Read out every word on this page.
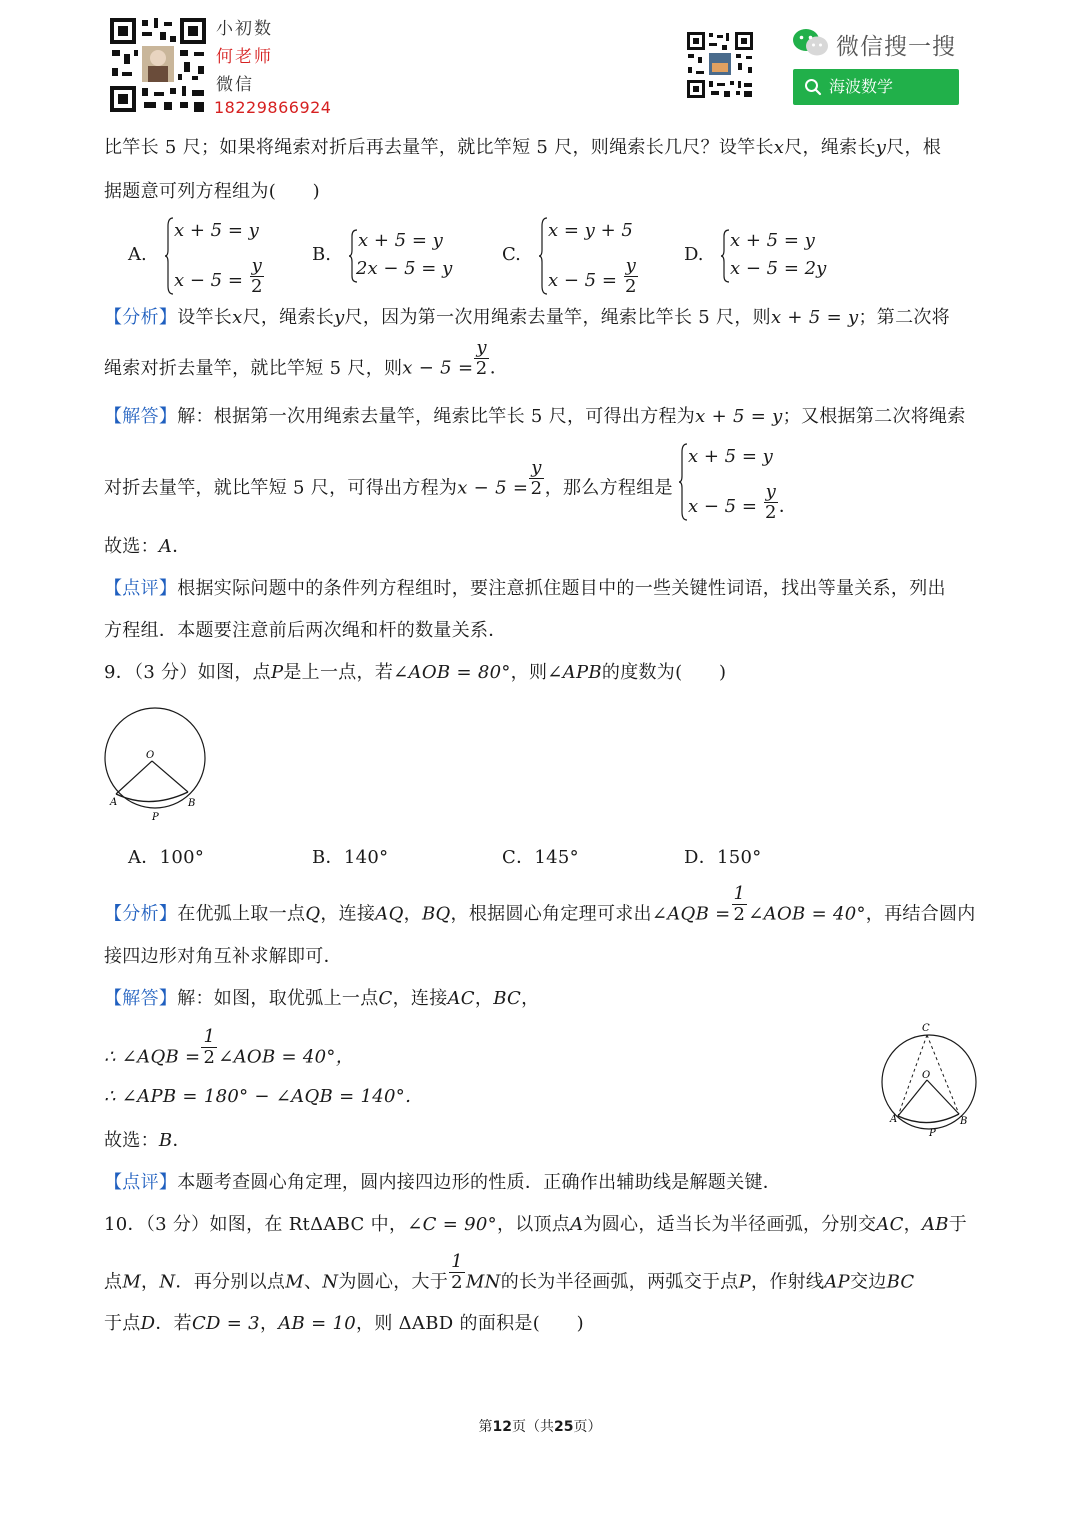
小初数
何老师
微信
18229866924
微信搜一搜
海波数学
比竿长 5 尺；如果将绳索对折后再去量竿，就比竿短 5 尺，则绳索长几尺？设竿长x尺，绳索长y尺，根
据题意可列方程组为(　　)
A.
x + 5 = y
$x - 5 = \frac{y}{2}$
B.
x + 5 = y
2x − 5 = y
C.
x = y + 5
$x - 5 = \frac{y}{2}$
D.
x + 5 = y
x − 5 = 2y
【分析】设竿长x尺，绳索长y尺，因为第一次用绳索去量竿，绳索比竿长 5 尺，则x + 5 = y；第二次将
绳索对折去量竿，就比竿短 5 尺，则$x - 5 = \frac{y}{2}$ ．
【解答】解：根据第一次用绳索去量竿，绳索比竿长 5 尺，可得出方程为x + 5 = y；又根据第二次将绳索
对折去量竿，就比竿短 5 尺，可得出方程为$x - 5 = \frac{y}{2}$ ，那么方程组是
x + 5 = y
$x - 5 = \frac{y}{2}$ ．
故选：A．
【点评】根据实际问题中的条件列方程组时，要注意抓住题目中的一些关键性词语，找出等量关系，列出
方程组．本题要注意前后两次绳和杆的数量关系．
9．（3 分）如图，点P是上一点，若∠AOB = 80°，则∠APB的度数为(　　)
O
A	B
P
A．100°	B．140°	C．145°	D．150°
【分析】在优弧上取一点Q，连接AQ，BQ，根据圆心角定理可求出∠AQB = $\frac{1}{2}$ ∠AOB = 40°，再结合圆内
接四边形对角互补求解即可．
【解答】解：如图，取优弧上一点C，连接AC，BC，
∴ ∠AQB = $\frac{1}{2}$ ∠AOB = 40°，
∴ ∠APB = 180° − ∠AQB = 140°．
C
O
A	B
P
故选：B．
【点评】本题考查圆心角定理，圆内接四边形的性质．正确作出辅助线是解题关键．
10．（3 分）如图，在 RtΔABC 中，∠C = 90°，以顶点A为圆心，适当长为半径画弧，分别交AC，AB于
点M，N．再分别以点M、N为圆心，大于 $\frac{1}{2}$ MN的长为半径画弧，两弧交于点P，作射线AP交边BC
于点D．若CD = 3，AB = 10，则 ΔABD 的面积是(　　)
第12页（共25页）
